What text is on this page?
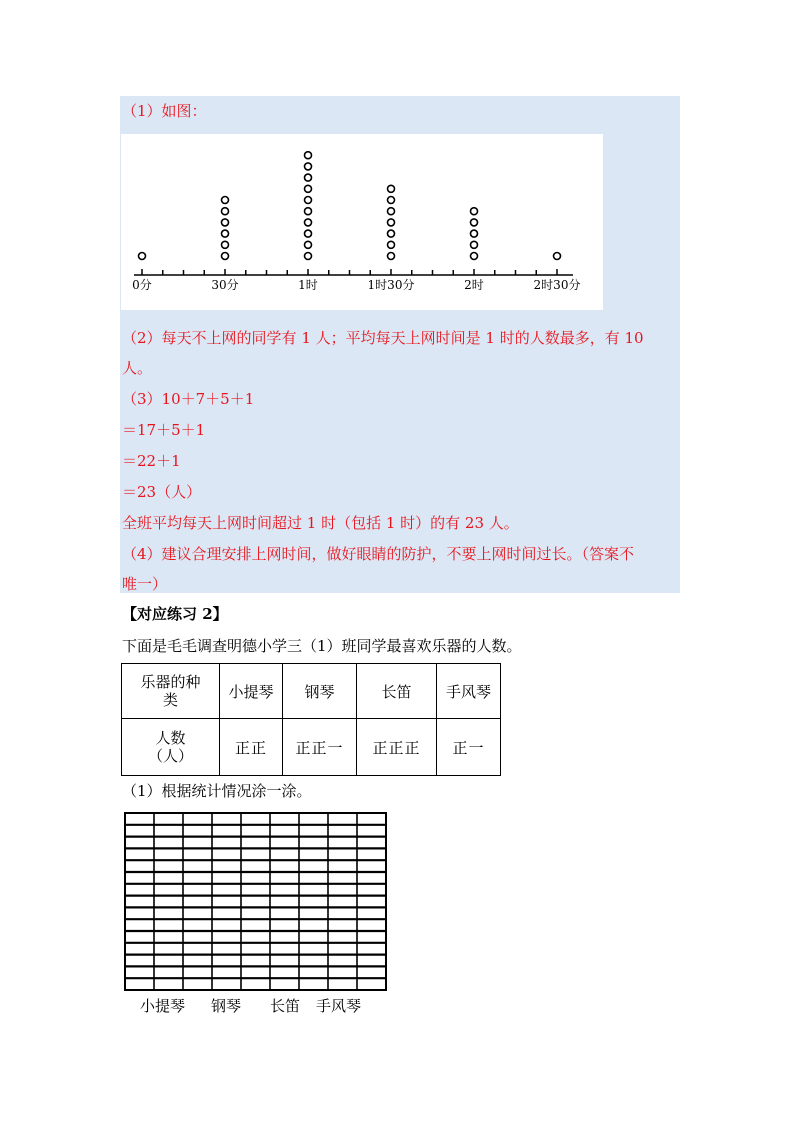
（1）如图：
0分	30分	1时	1时30分	2时	2时30分
（2）每天不上网的同学有 1 人；平均每天上网时间是 1 时的人数最多，有 10
人。
（3）10＋7＋5＋1
＝17＋5＋1
＝22＋1
＝23（人）
全班平均每天上网时间超过 1 时（包括 1 时）的有 23 人。
（4）建议合理安排上网时间，做好眼睛的防护，不要上网时间过长。（答案不
唯一）
【对应练习 2】
下面是毛毛调查明德小学三（1）班同学最喜欢乐器的人数。
乐器的种
类	小提琴	钢琴	长笛	手风琴

人数
（人）	正正	正正一	正正正	正一
（1）根据统计情况涂一涂。
小提琴 钢琴 长笛 手风琴
